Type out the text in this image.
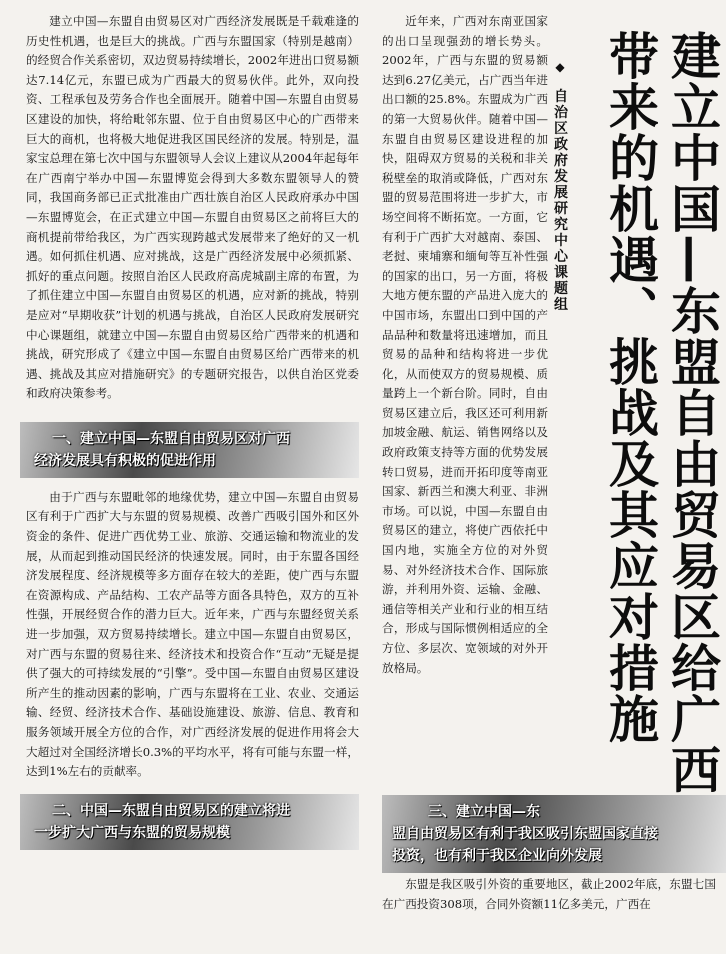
建立中国—东盟自由贸易区对广西经济发展既是千载难逢的历史性机遇，也是巨大的挑战。广西与东盟国家（特别是越南）的经贸合作关系密切，双边贸易持续增长，2002年进出口贸易额达7.14亿元，东盟已成为广西最大的贸易伙伴。此外，双向投资、工程承包及劳务合作也全面展开。随着中国—东盟自由贸易区建设的加快，将给毗邻东盟、位于自由贸易区中心的广西带来巨大的商机，也将极大地促进我区国民经济的发展。特别是，温家宝总理在第七次中国与东盟领导人会议上建议从2004年起每年在广西南宁举办中国—东盟博览会得到大多数东盟领导人的赞同，我国商务部已正式批准由广西壮族自治区人民政府承办中国—东盟博览会，在正式建立中国—东盟自由贸易区之前将巨大的商机提前带给我区，为广西实现跨越式发展带来了绝好的又一机遇。如何抓住机遇、应对挑战，这是广西经济发展中必须抓紧、抓好的重点问题。按照自治区人民政府高虎城副主席的布置，为了抓住建立中国—东盟自由贸易区的机遇，应对新的挑战，特别是应对“早期收获”计划的机遇与挑战，自治区人民政府发展研究中心课题组，就建立中国—东盟自由贸易区给广西带来的机遇和挑战，研究形成了《建立中国—东盟自由贸易区给广西带来的机遇、挑战及其应对措施研究》的专题研究报告，以供自治区党委和政府决策参考。

一、建立中国—东盟自由贸易区对广西
经济发展具有积极的促进作用

由于广西与东盟毗邻的地缘优势，建立中国—东盟自由贸易区有利于广西扩大与东盟的贸易规模、改善广西吸引国外和区外资金的条件、促进广西优势工业、旅游、交通运输和物流业的发展，从而起到推动国民经济的快速发展。同时，由于东盟各国经济发展程度、经济规模等多方面存在较大的差距，使广西与东盟在资源构成、产品结构、工农产品等方面各具特色，双方的互补性强，开展经贸合作的潜力巨大。近年来，广西与东盟经贸关系进一步加强，双方贸易持续增长。建立中国—东盟自由贸易区，对广西与东盟的贸易往来、经济技术和投资合作“互动”无疑是提供了强大的可持续发展的“引擎”。受中国—东盟自由贸易区建设所产生的推动因素的影响，广西与东盟将在工业、农业、交通运输、经贸、经济技术合作、基础设施建设、旅游、信息、教育和服务领域开展全方位的合作，对广西经济发展的促进作用将会大大超过对全国经济增长0.3%的平均水平，将有可能与东盟一样，达到1%左右的贡献率。

二、中国—东盟自由贸易区的建立将进
一步扩大广西与东盟的贸易规模

近年来，广西对东南亚国家的出口呈现强劲的增长势头。2002年，广西与东盟的贸易额达到6.27亿美元，占广西当年进出口额的25.8%。东盟成为广西的第一大贸易伙伴。随着中国—东盟自由贸易区建设进程的加快，阻碍双方贸易的关税和非关税壁垒的取消或降低，广西对东盟的贸易范围将进一步扩大，市场空间将不断拓宽。一方面，它有利于广西扩大对越南、泰国、老挝、柬埔寨和缅甸等互补性强的国家的出口，另一方面，将极大地方便东盟的产品进入庞大的中国市场，东盟出口到中国的产品品种和数量将迅速增加，而且贸易的品种和结构将进一步优化，从而使双方的贸易规模、质量跨上一个新台阶。同时，自由贸易区建立后，我区还可利用新加坡金融、航运、销售网络以及政府政策支持等方面的优势发展转口贸易，进而开拓印度等南亚国家、新西兰和澳大利亚、非洲市场。可以说，中国—东盟自由贸易区的建立，将使广西依托中国内地，实施全方位的对外贸易、对外经济技术合作、国际旅游，并利用外资、运输、金融、通信等相关产业和行业的相互结合，形成与国际惯例相适应的全方位、多层次、宽领域的对外开放格局。

◆ 自治区政府发展研究中心课题组	建立中国—东盟自由贸易区给广西
带来的机遇、挑战及其应对措施
三、建立中国—东
盟自由贸易区有利于我区吸引东盟国家直接
投资，也有利于我区企业向外发展

东盟是我区吸引外资的重要地区，截止2002年底，东盟七国在广西投资308项，合同外资额11亿多美元，广西在
